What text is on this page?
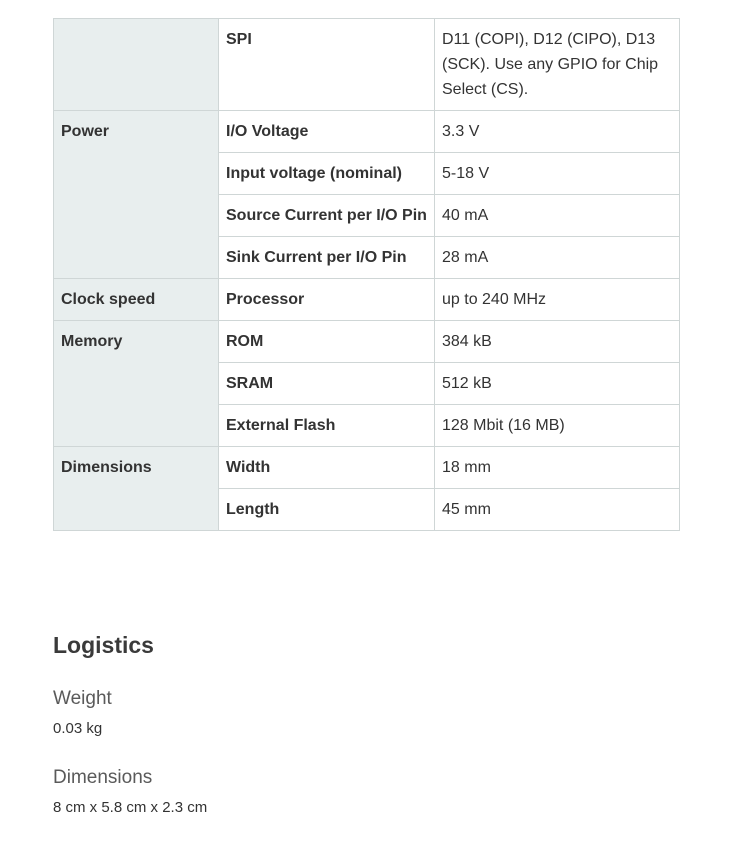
	SPI	D11 (COPI), D12 (CIPO), D13 (SCK). Use any GPIO for Chip Select (CS).
Power	I/O Voltage	3.3 V
	Input voltage (nominal)	5-18 V
	Source Current per I/O Pin	40 mA
	Sink Current per I/O Pin	28 mA
Clock speed	Processor	up to 240 MHz
Memory	ROM	384 kB
	SRAM	512 kB
	External Flash	128 Mbit (16 MB)
Dimensions	Width	18 mm
	Length	45 mm
Logistics

Weight

0.03 kg

Dimensions

8 cm x 5.8 cm x 2.3 cm
